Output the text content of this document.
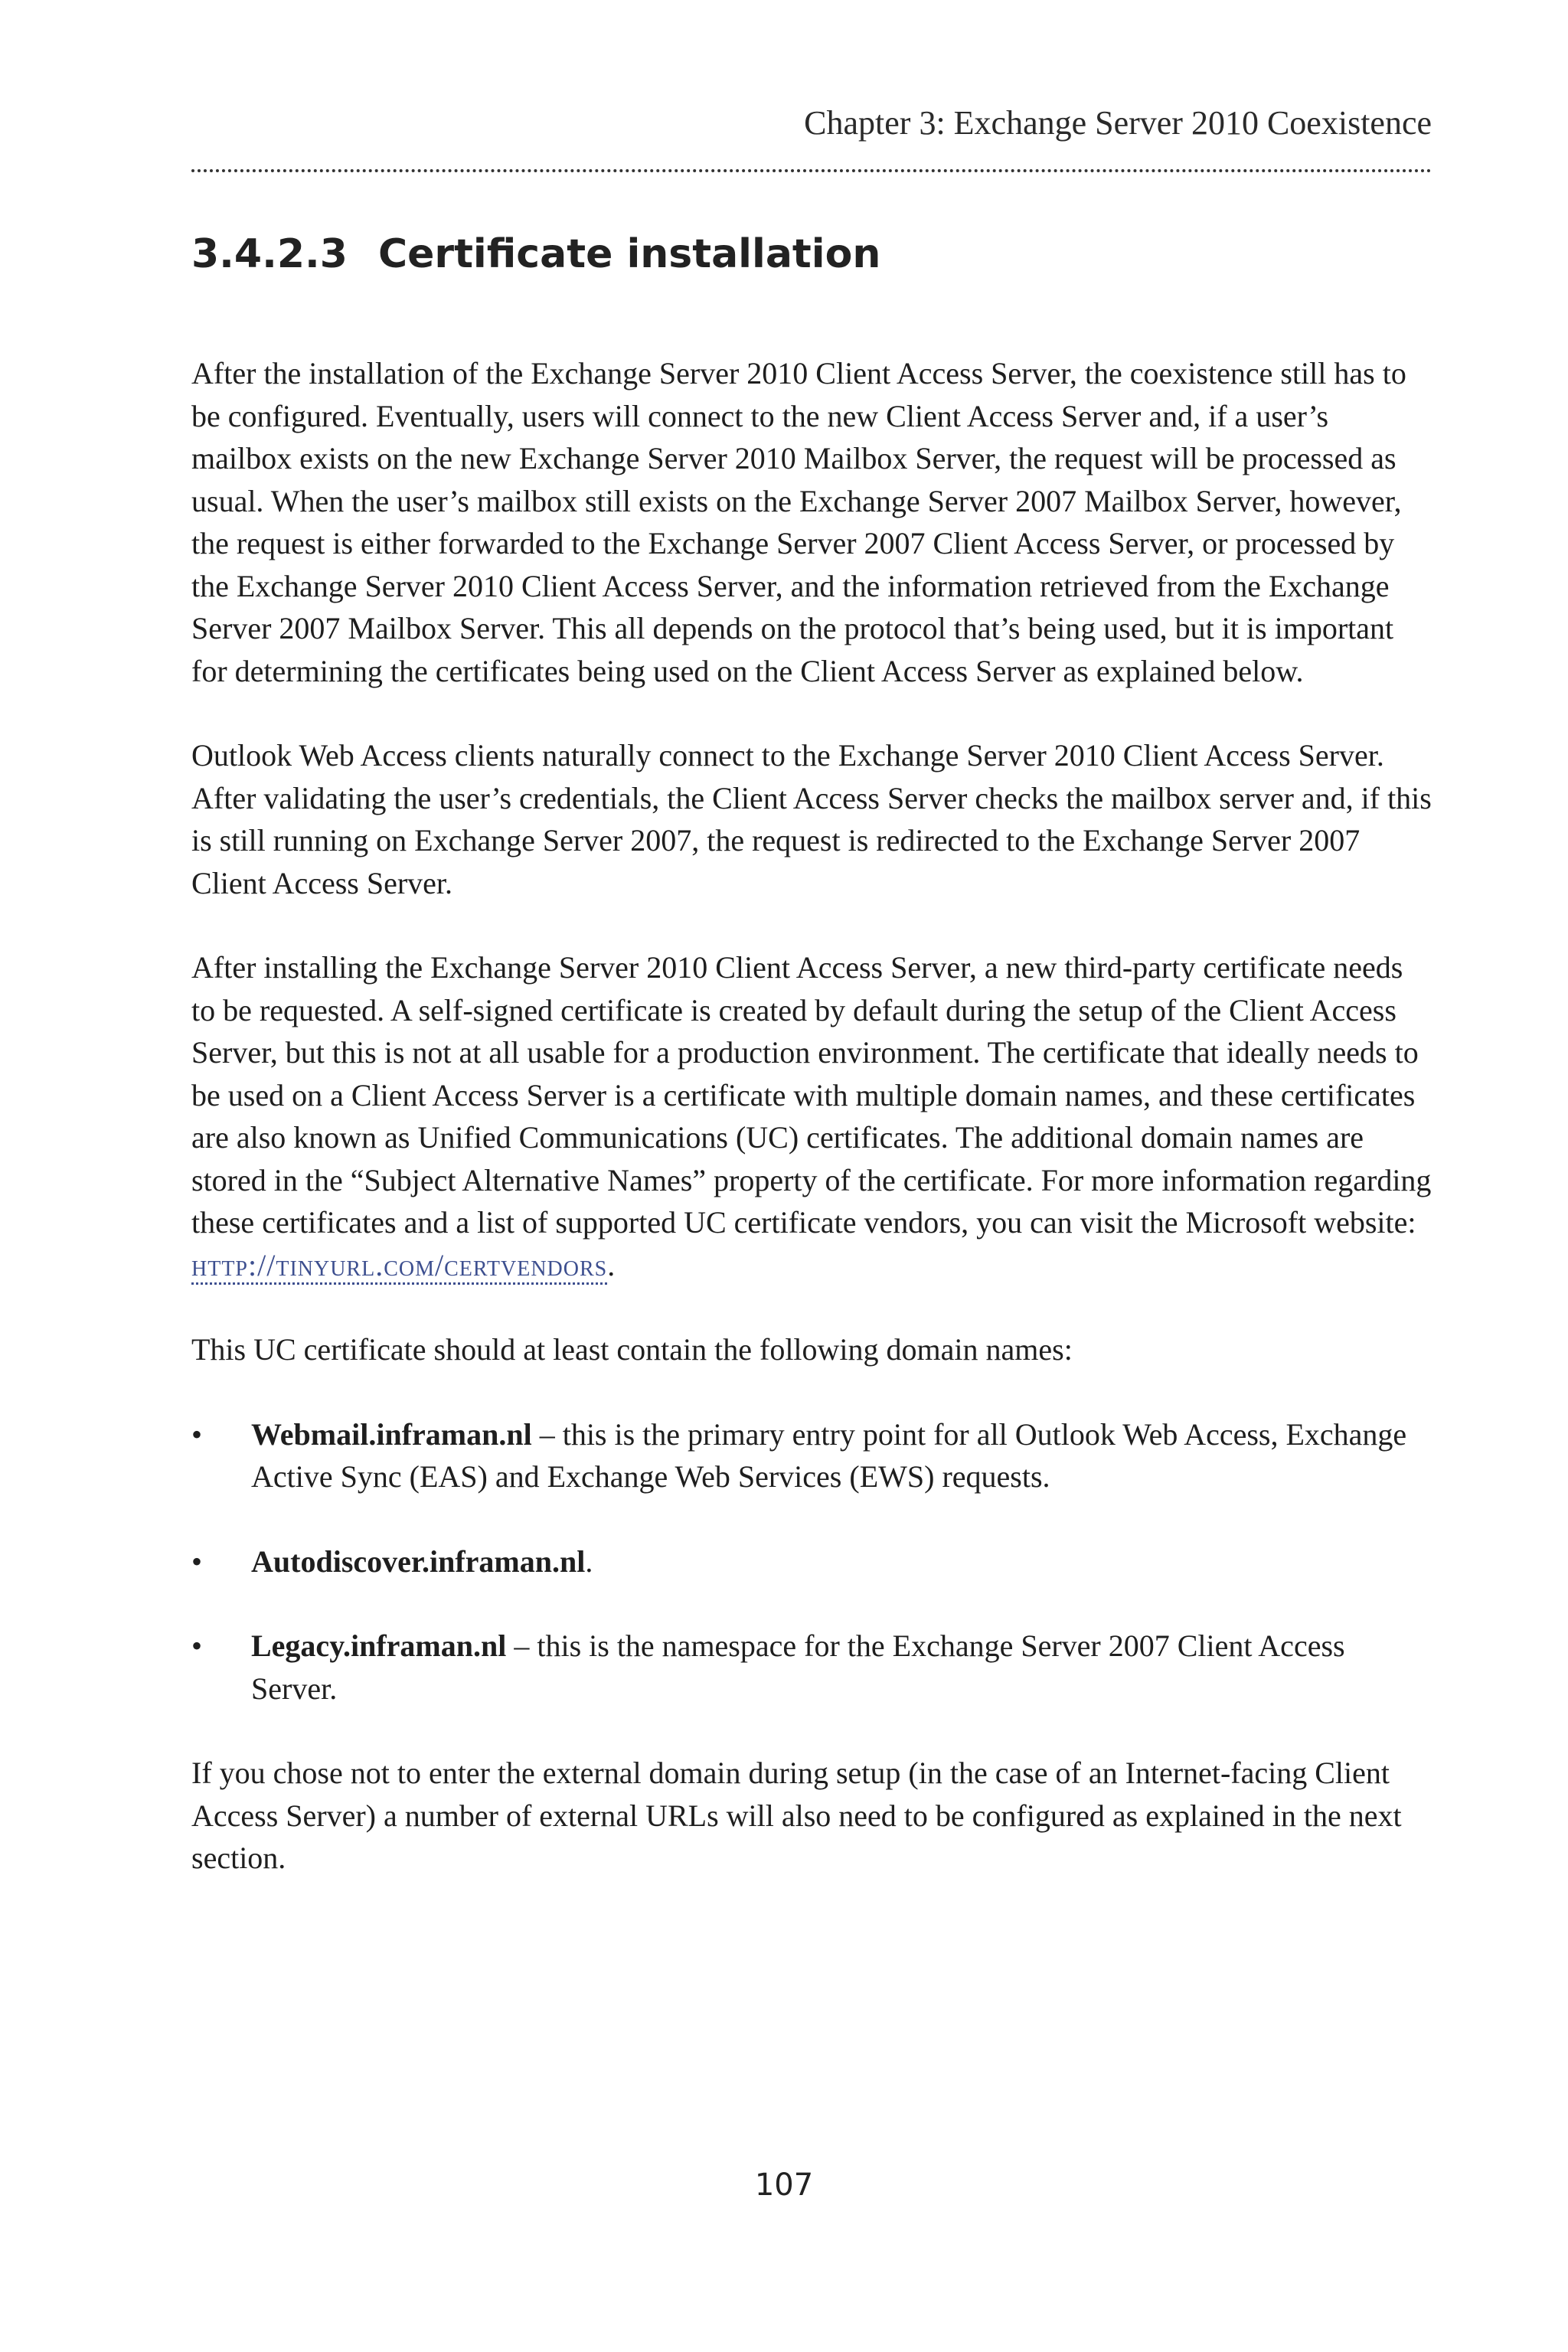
Chapter 3: Exchange Server 2010 Coexistence
3.4.2.3 Certificate installation

After the installation of the Exchange Server 2010 Client Access Server, the coexistence still has to be configured. Eventually, users will connect to the new Client Access Server and, if a user’s mailbox exists on the new Exchange Server 2010 Mailbox Server, the request will be processed as usual. When the user’s mailbox still exists on the Exchange Server 2007 Mailbox Server, however, the request is either forwarded to the Exchange Server 2007 Client Access Server, or processed by the Exchange Server 2010 Client Access Server, and the information retrieved from the Exchange Server 2007 Mailbox Server. This all depends on the protocol that’s being used, but it is important for determining the certificates being used on the Client Access Server as explained below.

Outlook Web Access clients naturally connect to the Exchange Server 2010 Client Access Server. After validating the user’s credentials, the Client Access Server checks the mailbox server and, if this is still running on Exchange Server 2007, the request is redirected to the Exchange Server 2007 Client Access Server.

After installing the Exchange Server 2010 Client Access Server, a new third-party certificate needs to be requested. A self-signed certificate is created by default during the setup of the Client Access Server, but this is not at all usable for a production environment. The certificate that ideally needs to be used on a Client Access Server is a certificate with multiple domain names, and these certificates are also known as Unified Communications (UC) certificates. The additional domain names are stored in the “Subject Alternative Names” property of the certificate. For more information regarding these certificates and a list of supported UC certificate vendors, you can visit the Microsoft website: http://tinyurl.com/certvendors.

This UC certificate should at least contain the following domain names:

• Webmail.inframan.nl – this is the primary entry point for all Outlook Web Access, Exchange Active Sync (EAS) and Exchange Web Services (EWS) requests.
• Autodiscover.inframan.nl.
• Legacy.inframan.nl – this is the namespace for the Exchange Server 2007 Client Access Server.

If you chose not to enter the external domain during setup (in the case of an Internet-facing Client Access Server) a number of external URLs will also need to be configured as explained in the next section.

107
